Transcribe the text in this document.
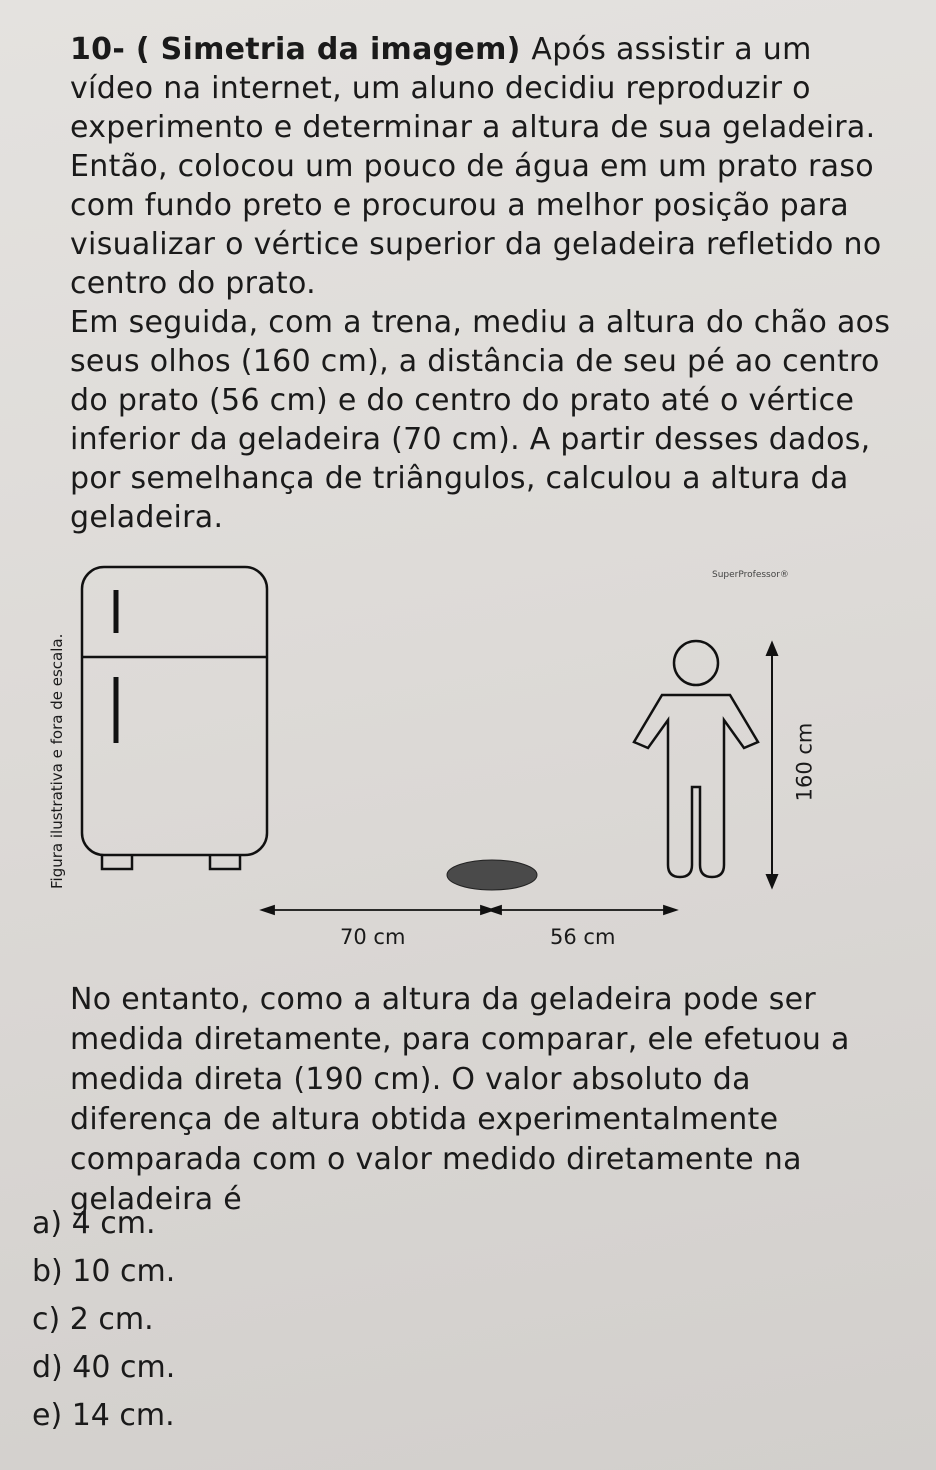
10- ( Simetria da imagem) Após assistir a um vídeo na internet, um aluno decidiu reproduzir o experimento e determinar a altura de sua geladeira. Então, colocou um pouco de água em um prato raso com fundo preto e procurou a melhor posição para visualizar o vértice superior da geladeira refletido no centro do prato.
Em seguida, com a trena, mediu a altura do chão aos seus olhos (160 cm), a distância de seu pé ao centro do prato (56 cm) e do centro do prato até o vértice inferior da geladeira (70 cm). A partir desses dados, por semelhança de triângulos, calculou a altura da geladeira.
Figura ilustrativa e fora de escala.
SuperProfessor®
70 cm	56 cm
160 cm
No entanto, como a altura da geladeira pode ser medida diretamente, para comparar, ele efetuou a medida direta (190 cm). O valor absoluto da diferença de altura obtida experimentalmente comparada com o valor medido diretamente na geladeira é
a) 4 cm.
b) 10 cm.
c) 2 cm.
d) 40 cm.
e) 14 cm.
